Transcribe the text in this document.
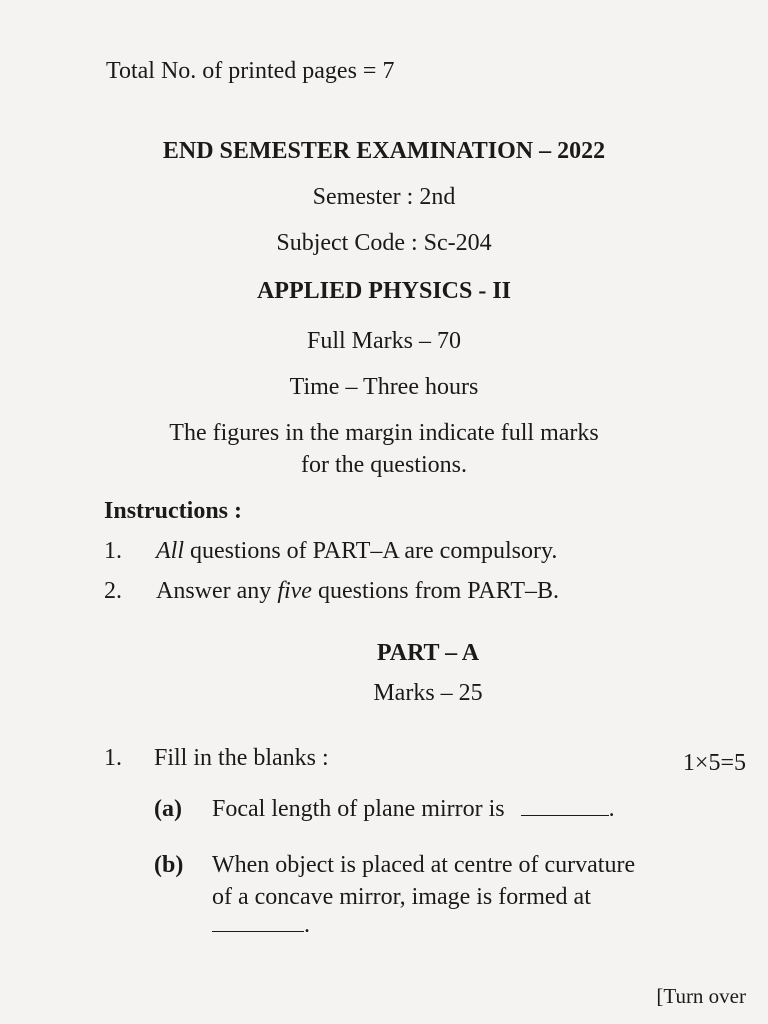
Total No. of printed pages = 7
END SEMESTER EXAMINATION – 2022
Semester : 2nd
Subject Code : Sc-204
APPLIED PHYSICS - II
Full Marks – 70
Time – Three hours
The figures in the margin indicate full marks
for the questions.
Instructions :
1. All questions of PART–A are compulsory.
2. Answer any five questions from PART–B.
PART – A
Marks – 25
1. Fill in the blanks :	1×5=5
(a) Focal length of plane mirror is	.
(b) When object is placed at centre of curvature
of a concave mirror, image is formed at
.
[Turn over
